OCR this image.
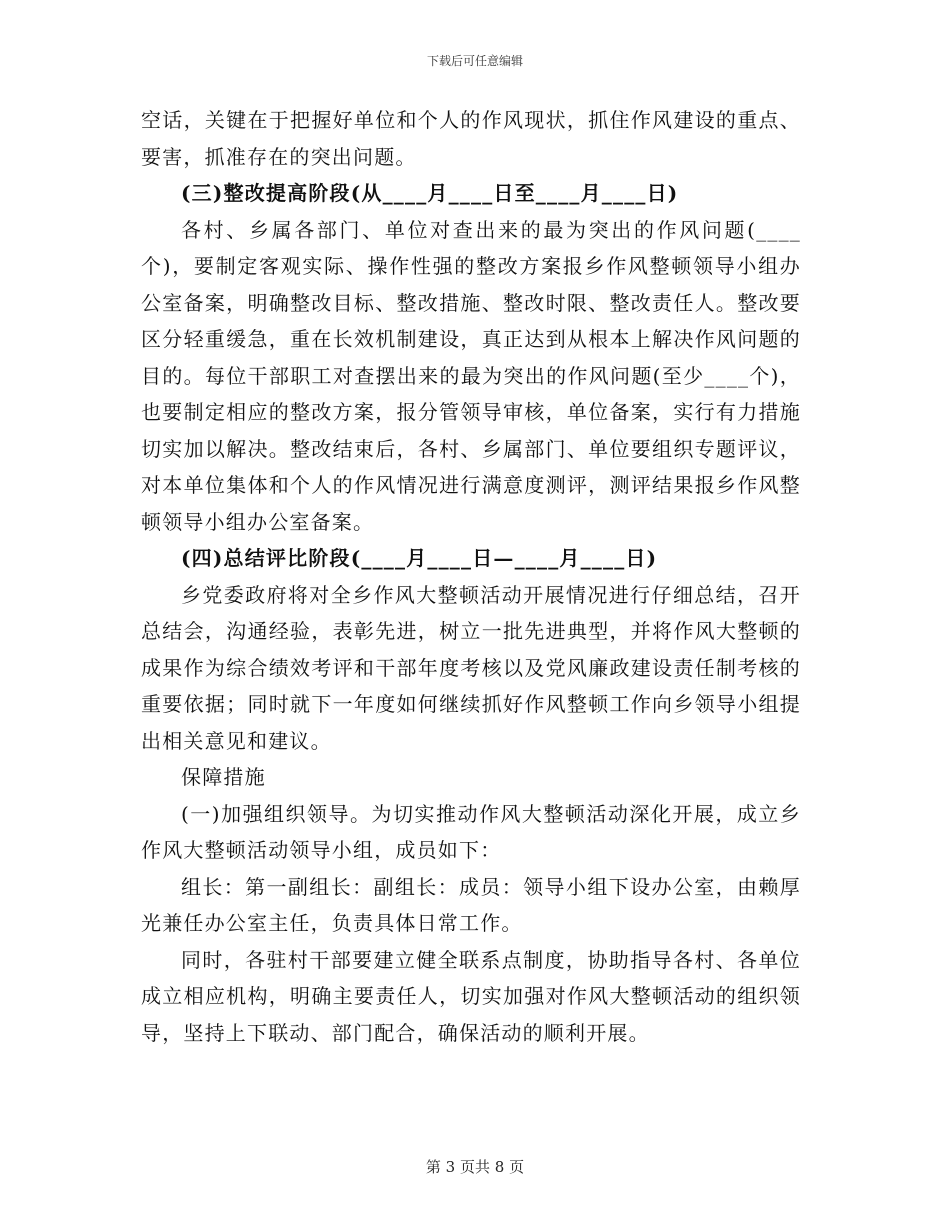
下载后可任意编辑

空话，关键在于把握好单位和个人的作风现状，抓住作风建设的重点、要害，抓准存在的突出问题。

(三)整改提高阶段(从____月____日至____月____日)

各村、乡属各部门、单位对查出来的最为突出的作风问题(____个)，要制定客观实际、操作性强的整改方案报乡作风整顿领导小组办公室备案，明确整改目标、整改措施、整改时限、整改责任人。整改要区分轻重缓急，重在长效机制建设，真正达到从根本上解决作风问题的目的。每位干部职工对查摆出来的最为突出的作风问题(至少____个)，也要制定相应的整改方案，报分管领导审核，单位备案，实行有力措施切实加以解决。整改结束后，各村、乡属部门、单位要组织专题评议，对本单位集体和个人的作风情况进行满意度测评，测评结果报乡作风整顿领导小组办公室备案。

(四)总结评比阶段(____月____日—____月____日)

乡党委政府将对全乡作风大整顿活动开展情况进行仔细总结，召开总结会，沟通经验，表彰先进，树立一批先进典型，并将作风大整顿的成果作为综合绩效考评和干部年度考核以及党风廉政建设责任制考核的重要依据；同时就下一年度如何继续抓好作风整顿工作向乡领导小组提出相关意见和建议。

保障措施

(一)加强组织领导。为切实推动作风大整顿活动深化开展，成立乡作风大整顿活动领导小组，成员如下：

组长：第一副组长：副组长：成员：领导小组下设办公室，由赖厚光兼任办公室主任，负责具体日常工作。

同时，各驻村干部要建立健全联系点制度，协助指导各村、各单位成立相应机构，明确主要责任人，切实加强对作风大整顿活动的组织领导，坚持上下联动、部门配合，确保活动的顺利开展。

第 3 页共 8 页
